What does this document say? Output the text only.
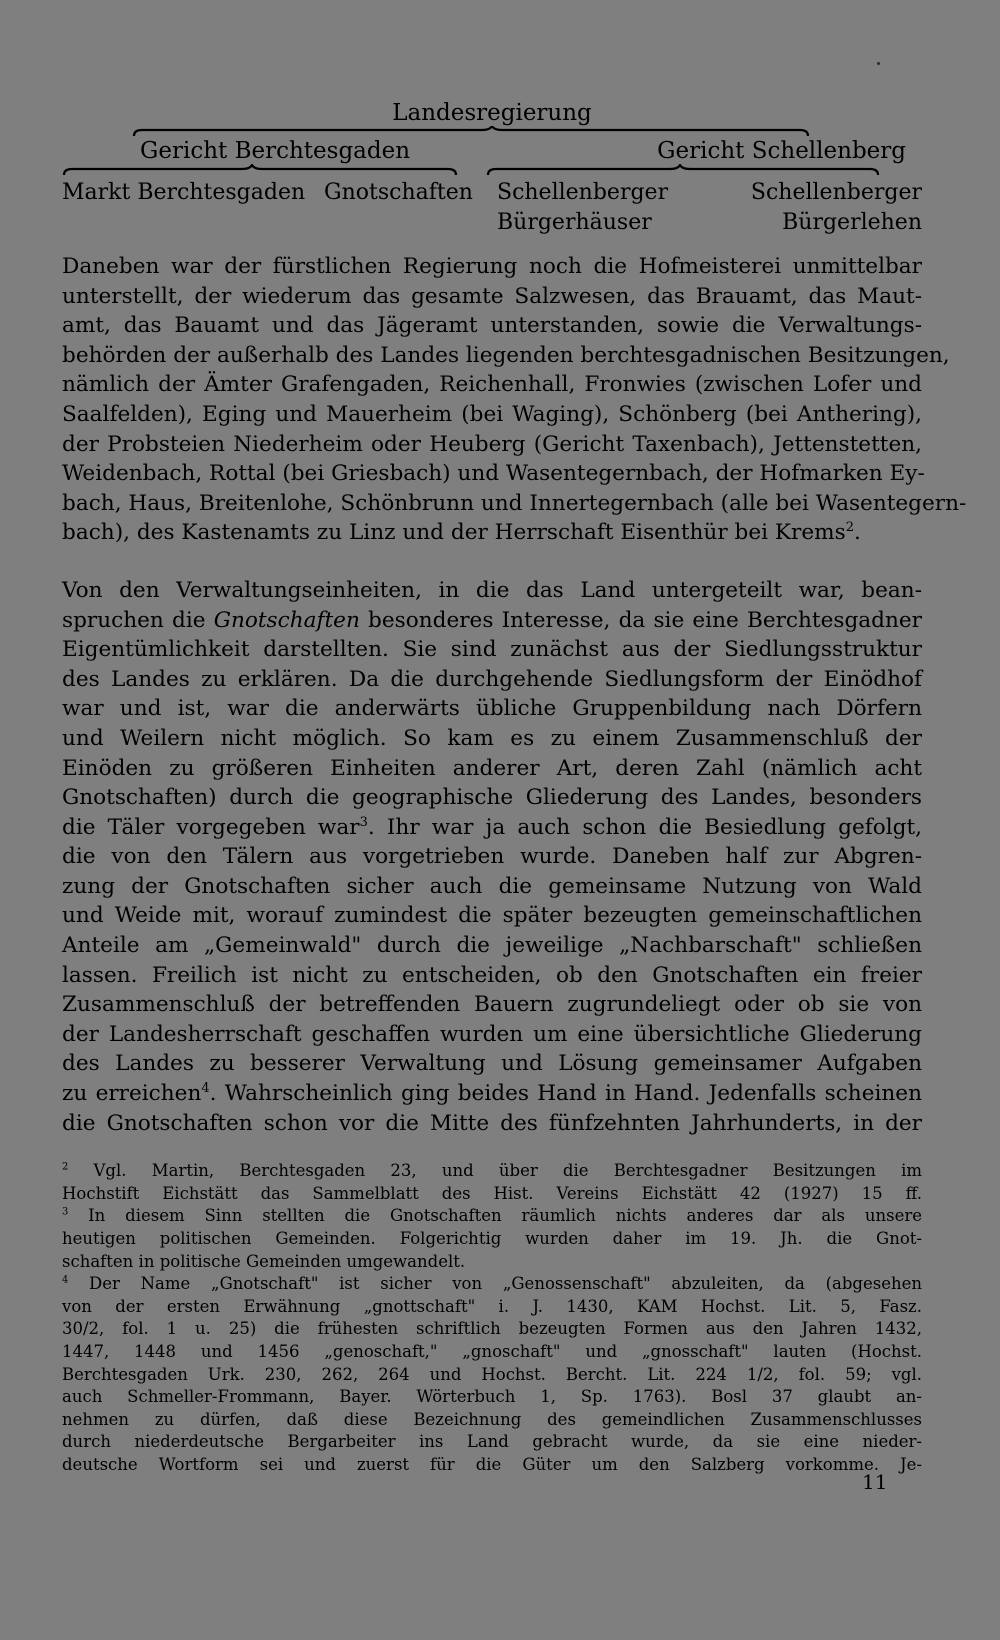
Landesregierung
Gericht Berchtesgaden	Gericht Schellenberg
Markt Berchtesgaden Gnotschaften	Schellenberger
Bürgerhäuser
Schellenberger
Bürgerlehen
Daneben war der fürstlichen Regierung noch die Hofmeisterei unmittelbar
unterstellt, der wiederum das gesamte Salzwesen, das Brauamt, das Maut-
amt, das Bauamt und das Jägeramt unterstanden, sowie die Verwaltungs-
behörden der außerhalb des Landes liegenden berchtesgadnischen Besitzungen,
nämlich der Ämter Grafengaden, Reichenhall, Fronwies (zwischen Lofer und
Saalfelden), Eging und Mauerheim (bei Waging), Schönberg (bei Anthering),
der Probsteien Niederheim oder Heuberg (Gericht Taxenbach), Jettenstetten,
Weidenbach, Rottal (bei Griesbach) und Wasentegernbach, der Hofmarken Ey-
bach, Haus, Breitenlohe, Schönbrunn und Innertegernbach (alle bei Wasentegern-
bach), des Kastenamts zu Linz und der Herrschaft Eisenthür bei Krems$^2$.
Von den Verwaltungseinheiten, in die das Land untergeteilt war, bean-
spruchen die Gnotschaften besonderes Interesse, da sie eine Berchtesgadner
Eigentümlichkeit darstellten. Sie sind zunächst aus der Siedlungsstruktur
des Landes zu erklären. Da die durchgehende Siedlungsform der Einödhof
war und ist, war die anderwärts übliche Gruppenbildung nach Dörfern
und Weilern nicht möglich. So kam es zu einem Zusammenschluß der
Einöden zu größeren Einheiten anderer Art, deren Zahl (nämlich acht
Gnotschaften) durch die geographische Gliederung des Landes, besonders
die Täler vorgegeben war$^3$. Ihr war ja auch schon die Besiedlung gefolgt,
die von den Tälern aus vorgetrieben wurde. Daneben half zur Abgren-
zung der Gnotschaften sicher auch die gemeinsame Nutzung von Wald
und Weide mit, worauf zumindest die später bezeugten gemeinschaftlichen
Anteile am „Gemeinwald" durch die jeweilige „Nachbarschaft" schließen
lassen. Freilich ist nicht zu entscheiden, ob den Gnotschaften ein freier
Zusammenschluß der betreffenden Bauern zugrundeliegt oder ob sie von
der Landesherrschaft geschaffen wurden um eine übersichtliche Gliederung
des Landes zu besserer Verwaltung und Lösung gemeinsamer Aufgaben
zu erreichen$^4$. Wahrscheinlich ging beides Hand in Hand. Jedenfalls scheinen
die Gnotschaften schon vor die Mitte des fünfzehnten Jahrhunderts, in der
$^2$ Vgl. Martin, Berchtesgaden 23, und über die Berchtesgadner Besitzungen im
Hochstift Eichstätt das Sammelblatt des Hist. Vereins Eichstätt 42 (1927) 15 ff.
$^3$ In diesem Sinn stellten die Gnotschaften räumlich nichts anderes dar als unsere
heutigen politischen Gemeinden. Folgerichtig wurden daher im 19. Jh. die Gnot-
schaften in politische Gemeinden umgewandelt.
$^4$ Der Name „Gnotschaft" ist sicher von „Genossenschaft" abzuleiten, da (abgesehen
von der ersten Erwähnung „gnottschaft" i. J. 1430, KAM Hochst. Lit. 5, Fasz.
30/2, fol. 1 u. 25) die frühesten schriftlich bezeugten Formen aus den Jahren 1432,
1447, 1448 und 1456 „genoschaft," „gnoschaft" und „gnosschaft" lauten (Hochst.
Berchtesgaden Urk. 230, 262, 264 und Hochst. Bercht. Lit. 224 1/2, fol. 59; vgl.
auch Schmeller-Frommann, Bayer. Wörterbuch 1, Sp. 1763). Bosl 37 glaubt an-
nehmen zu dürfen, daß diese Bezeichnung des gemeindlichen Zusammenschlusses
durch niederdeutsche Bergarbeiter ins Land gebracht wurde, da sie eine nieder-
deutsche Wortform sei und zuerst für die Güter um den Salzberg vorkomme. Je-
11
